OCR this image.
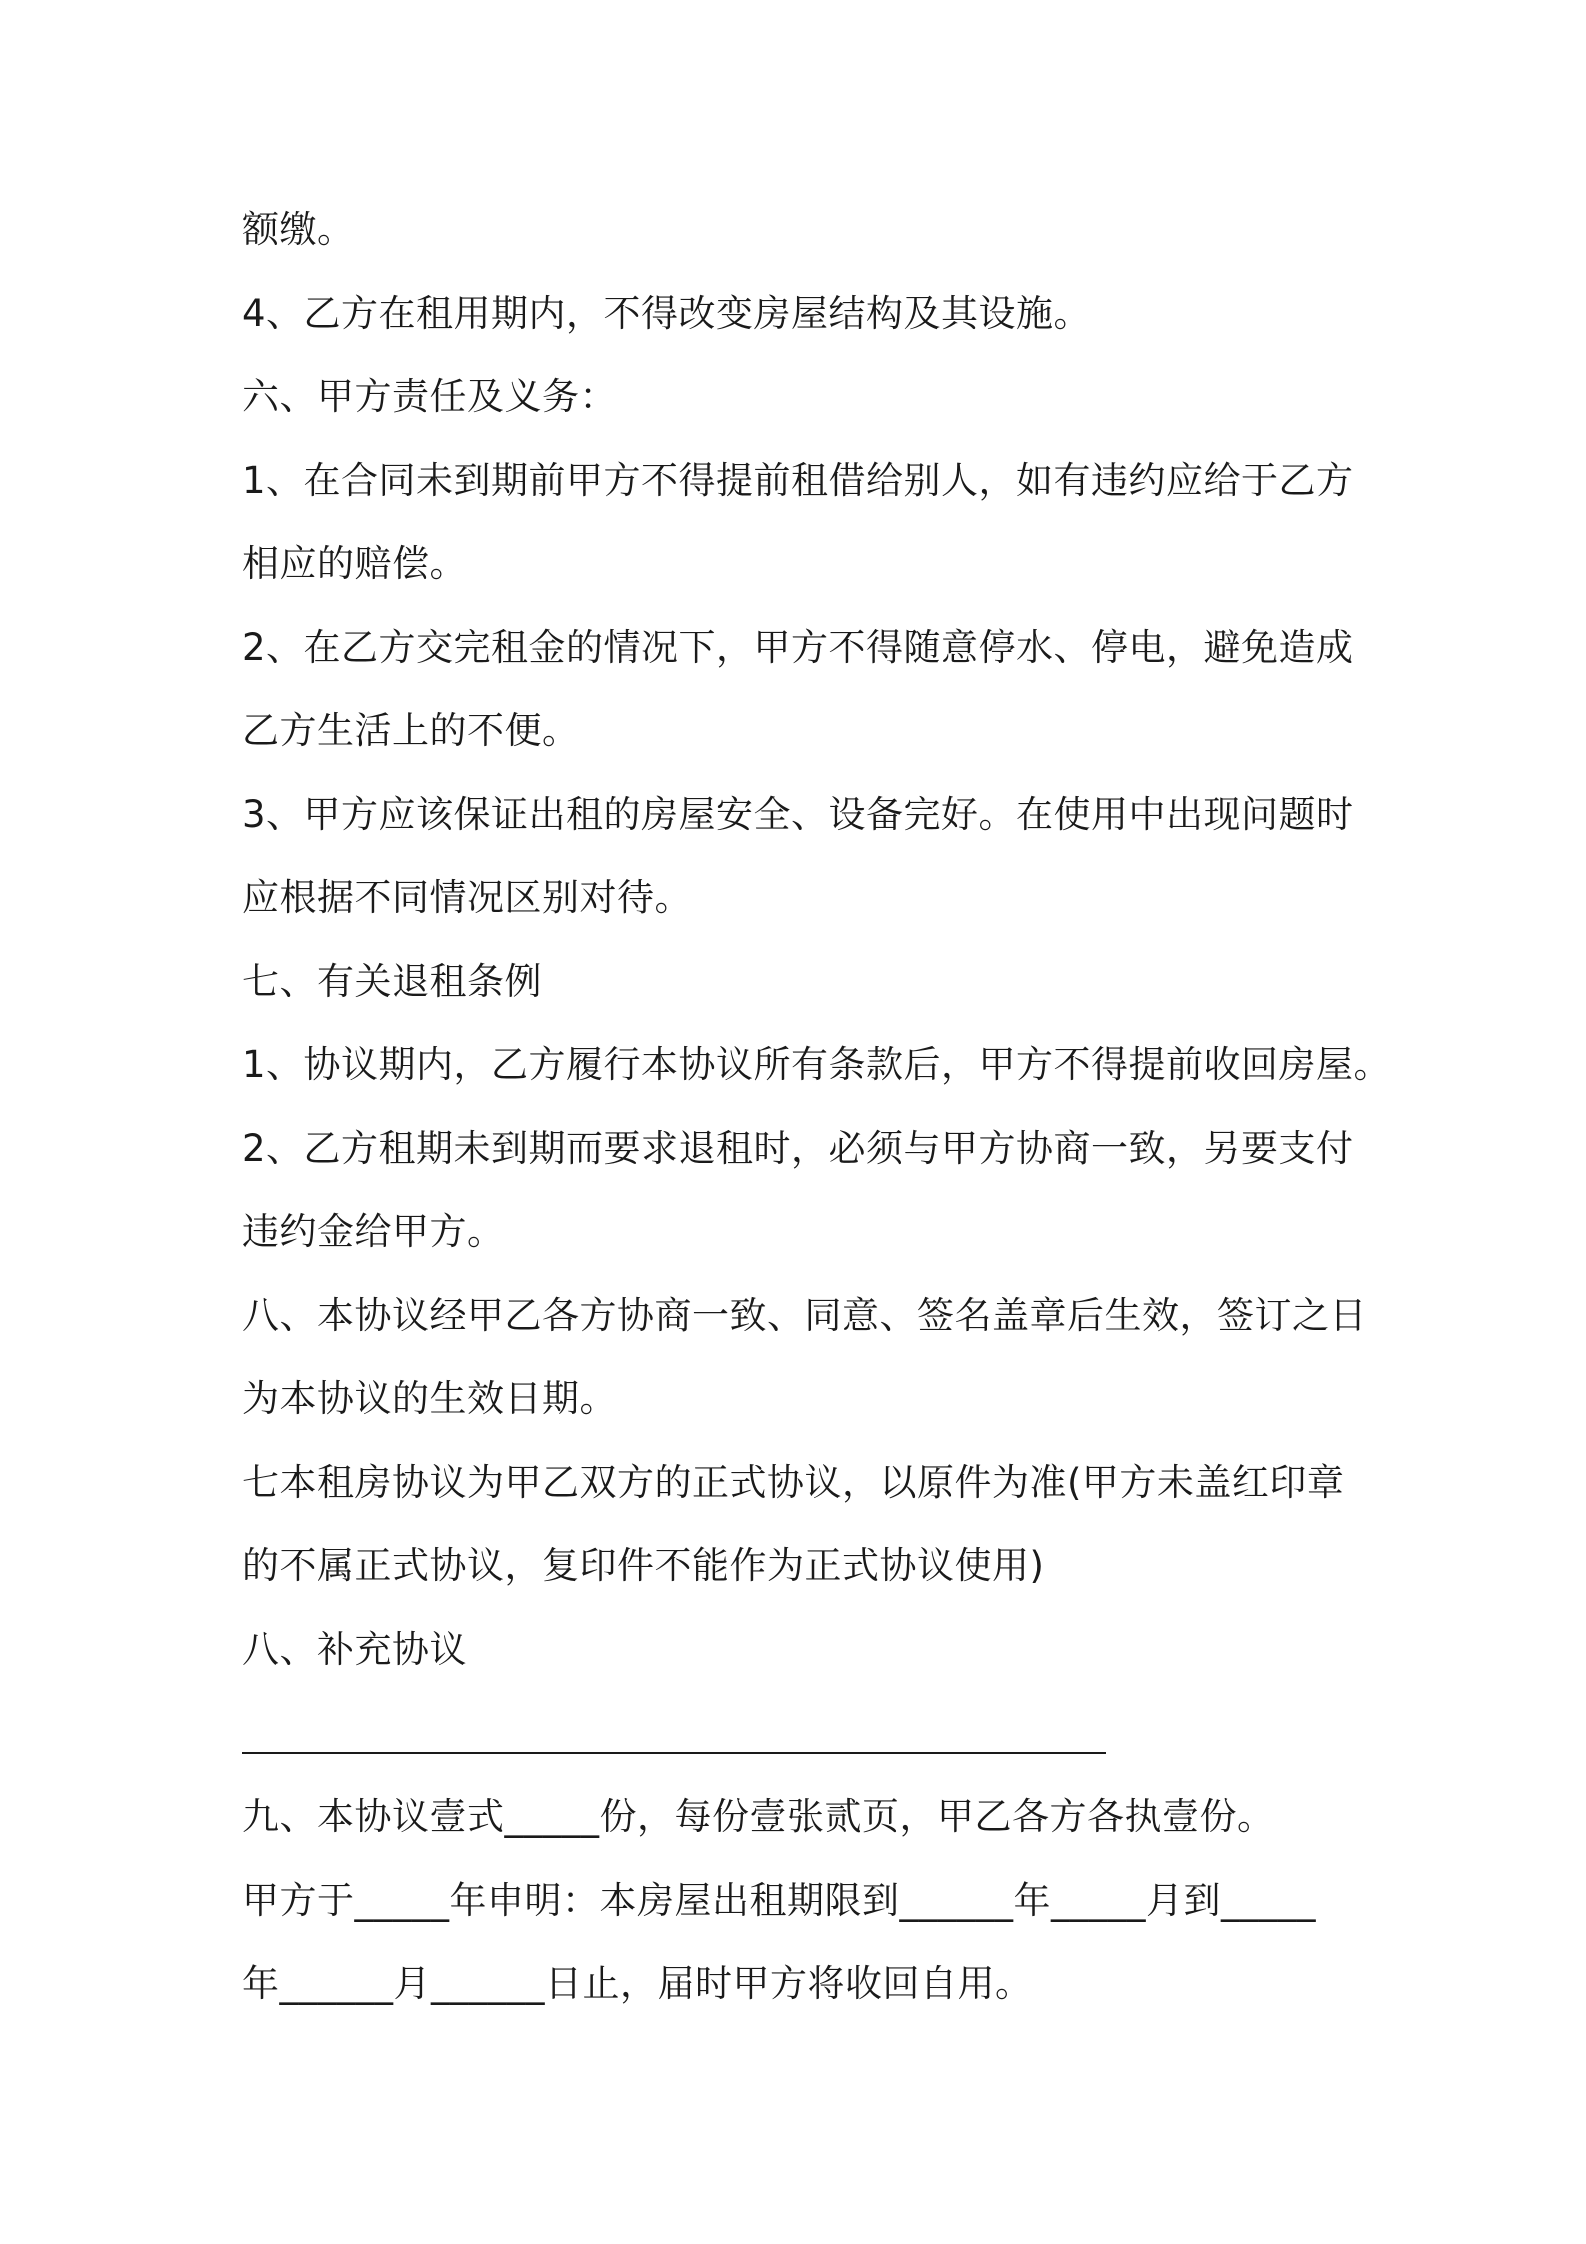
额缴。
4、乙方在租用期内，不得改变房屋结构及其设施。
六、甲方责任及义务：
1、在合同未到期前甲方不得提前租借给别人，如有违约应给于乙方
相应的赔偿。
2、在乙方交完租金的情况下，甲方不得随意停水、停电，避免造成
乙方生活上的不便。
3、甲方应该保证出租的房屋安全、设备完好。在使用中出现问题时
应根据不同情况区别对待。
七、有关退租条例
1、协议期内，乙方履行本协议所有条款后，甲方不得提前收回房屋。
2、乙方租期未到期而要求退租时，必须与甲方协商一致，另要支付
违约金给甲方。
八、本协议经甲乙各方协商一致、同意、签名盖章后生效，签订之日
为本协议的生效日期。
七本租房协议为甲乙双方的正式协议，以原件为准(甲方未盖红印章
的不属正式协议，复印件不能作为正式协议使用)
八、补充协议
九、本协议壹式_____份，每份壹张贰页，甲乙各方各执壹份。
甲方于_____年申明：本房屋出租期限到______年_____月到_____
年______月______日止，届时甲方将收回自用。
